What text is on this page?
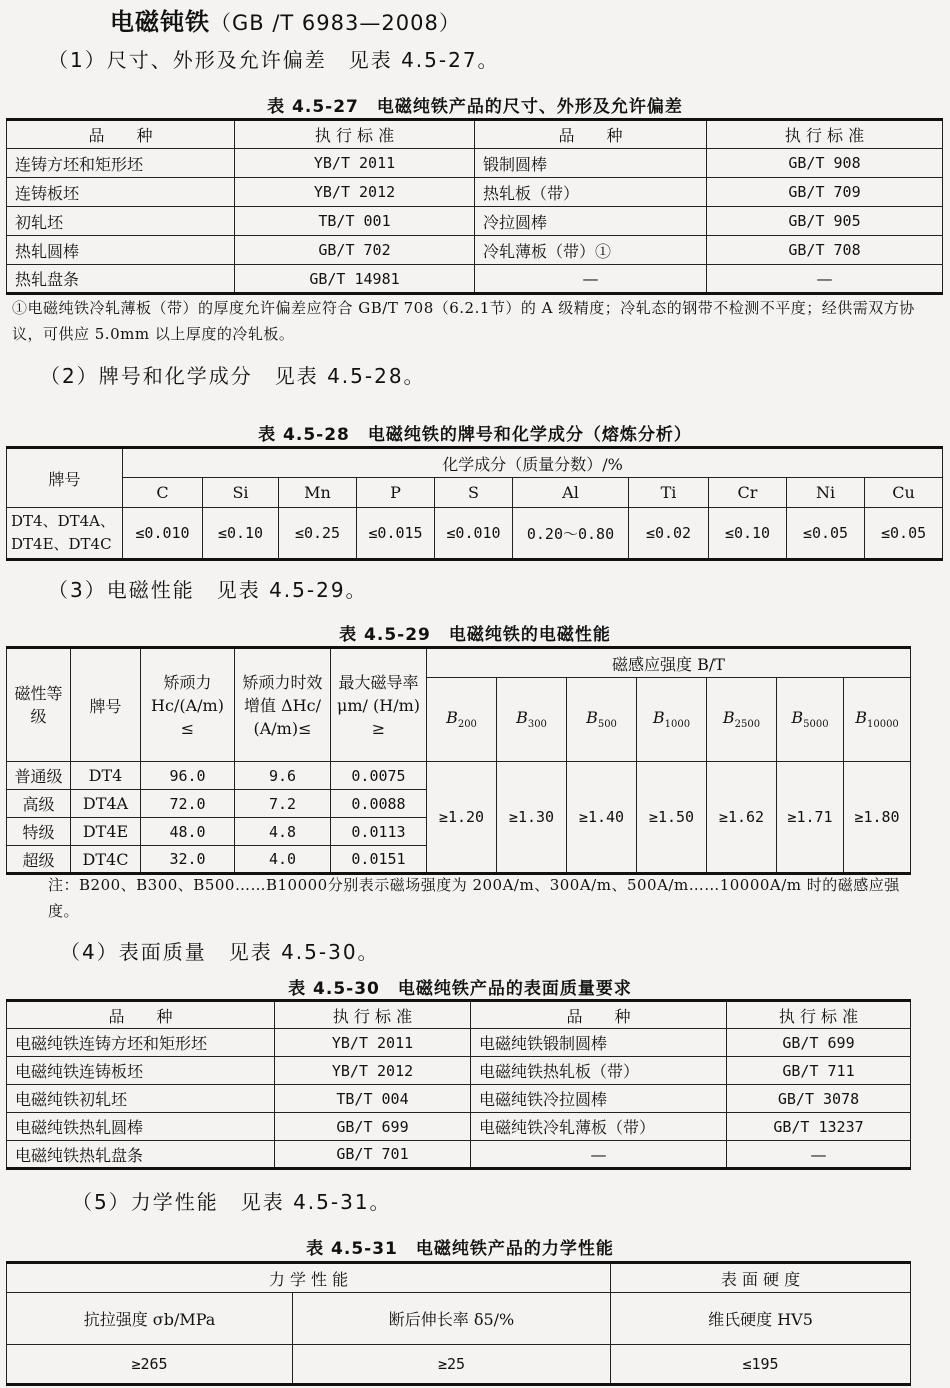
电磁钝铁（GB /T 6983—2008）
（1）尺寸、外形及允许偏差　见表 4.5-27。
表 4.5-27　电磁纯铁产品的尺寸、外形及允许偏差
品　　种	执 行 标 准	品　　种	执 行 标 准
连铸方坯和矩形坯	YB/T 2011	锻制圆棒	GB/T 908
连铸板坯	YB/T 2012	热轧板（带）	GB/T 709
初轧坯	TB/T 001	冷拉圆棒	GB/T 905
热轧圆棒	GB/T 702	冷轧薄板（带）①	GB/T 708
热轧盘条	GB/T 14981	—	—
①电磁纯铁冷轧薄板（带）的厚度允许偏差应符合 GB/T 708（6.2.1节）的 A 级精度；冷轧态的钢带不检测不平度；经供需双方协议，可供应 5.0mm 以上厚度的冷轧板。
（2）牌号和化学成分　见表 4.5-28。
表 4.5-28　电磁纯铁的牌号和化学成分（熔炼分析）
牌号	化学成分（质量分数）/%									
	C	Si	Mn	P	S	Al	Ti	Cr	Ni	Cu
DT4、DT4A、DT4E、DT4C	≤0.010	≤0.10	≤0.25	≤0.015	≤0.010	0.20～0.80	≤0.02	≤0.10	≤0.05	≤0.05
（3）电磁性能　见表 4.5-29。
表 4.5-29　电磁纯铁的电磁性能
磁性等级	牌号	矫顽力 Hc/(A/m) ≤	矫顽力时效增值 ΔHc/ (A/m)≤	最大磁导率 μm/ (H/m) ≥	磁感应强度 B/T						
					$B_{200}$	$B_{300}$	$B_{500}$	$B_{1000}$	$B_{2500}$	$B_{5000}$	$B_{10000}$
普通级	DT4	96.0	9.6	0.0075	≥1.20	≥1.30	≥1.40	≥1.50	≥1.62	≥1.71	≥1.80
高级	DT4A	72.0	7.2	0.0088							
特级	DT4E	48.0	4.8	0.0113							
超级	DT4C	32.0	4.0	0.0151							
注：B200、B300、B500……B10000分别表示磁场强度为 200A/m、300A/m、500A/m……10000A/m 时的磁感应强度。
（4）表面质量　见表 4.5-30。
表 4.5-30　电磁纯铁产品的表面质量要求
品　　种	执 行 标 准	品　　种	执 行 标 准
电磁纯铁连铸方坯和矩形坯	YB/T 2011	电磁纯铁锻制圆棒	GB/T 699
电磁纯铁连铸板坯	YB/T 2012	电磁纯铁热轧板（带）	GB/T 711
电磁纯铁初轧坯	TB/T 004	电磁纯铁冷拉圆棒	GB/T 3078
电磁纯铁热轧圆棒	GB/T 699	电磁纯铁冷轧薄板（带）	GB/T 13237
电磁纯铁热轧盘条	GB/T 701	—	—
（5）力学性能　见表 4.5-31。
表 4.5-31　电磁纯铁产品的力学性能
力 学 性 能		表 面 硬 度
抗拉强度 σb/MPa	断后伸长率 δ5/%	维氏硬度 HV5
≥265	≥25	≤195
